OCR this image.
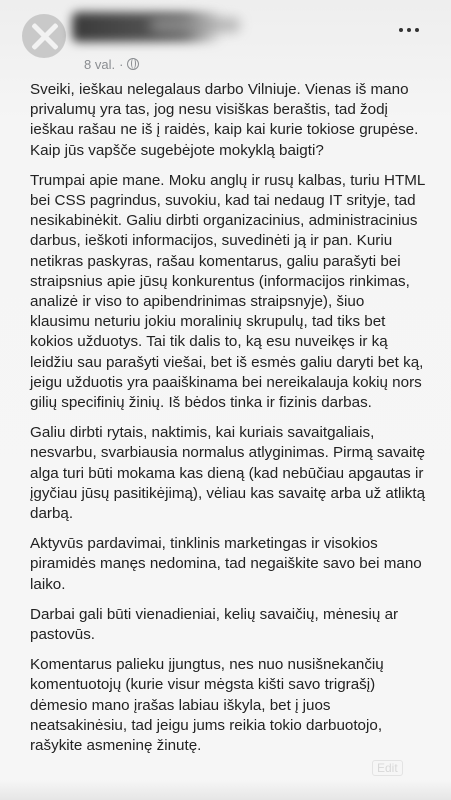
8 val. ·

Sveiki, ieškau nelegalaus darbo Vilniuje. Vienas iš mano privalumų yra tas, jog nesu visiškas beraštis, tad žodį ieškau rašau ne iš į raidės, kaip kai kurie tokiose grupėse. Kaip jūs vapšče sugebėjote mokyklą baigti?

Trumpai apie mane. Moku anglų ir rusų kalbas, turiu HTML bei CSS pagrindus, suvokiu, kad tai nedaug IT srityje, tad nesikabinėkit. Galiu dirbti organizacinius, administracinius darbus, ieškoti informacijos, suvedinėti ją ir pan. Kuriu netikras paskyras, rašau komentarus, galiu parašyti bei straipsnius apie jūsų konkurentus (informacijos rinkimas, analizė ir viso to apibendrinimas straipsnyje), šiuo klausimu neturiu jokiu moralinių skrupulų, tad tiks bet kokios užduotys. Tai tik dalis to, ką esu nuveikęs ir ką leidžiu sau parašyti viešai, bet iš esmės galiu daryti bet ką, jeigu užduotis yra paaiškinama bei nereikalauja kokių nors gilių specifinių žinių. Iš bėdos tinka ir fizinis darbas.

Galiu dirbti rytais, naktimis, kai kuriais savaitgaliais, nesvarbu, svarbiausia normalus atlyginimas. Pirmą savaitę alga turi būti mokama kas dieną (kad nebūčiau apgautas ir įgyčiau jūsų pasitikėjimą), vėliau kas savaitę arba už atliktą darbą.

Aktyvūs pardavimai, tinklinis marketingas ir visokios piramidės manęs nedomina, tad negaiškite savo bei mano laiko.

Darbai gali būti vienadieniai, kelių savaičių, mėnesių ar pastovūs.

Komentarus palieku įjungtus, nes nuo nusišnekančių komentuotojų (kurie visur mėgsta kišti savo trigrašį) dėmesio mano įrašas labiau iškyla, bet į juos neatsakinėsiu, tad jeigu jums reikia tokio darbuotojo, rašykite asmeninę žinutę.

Edit
